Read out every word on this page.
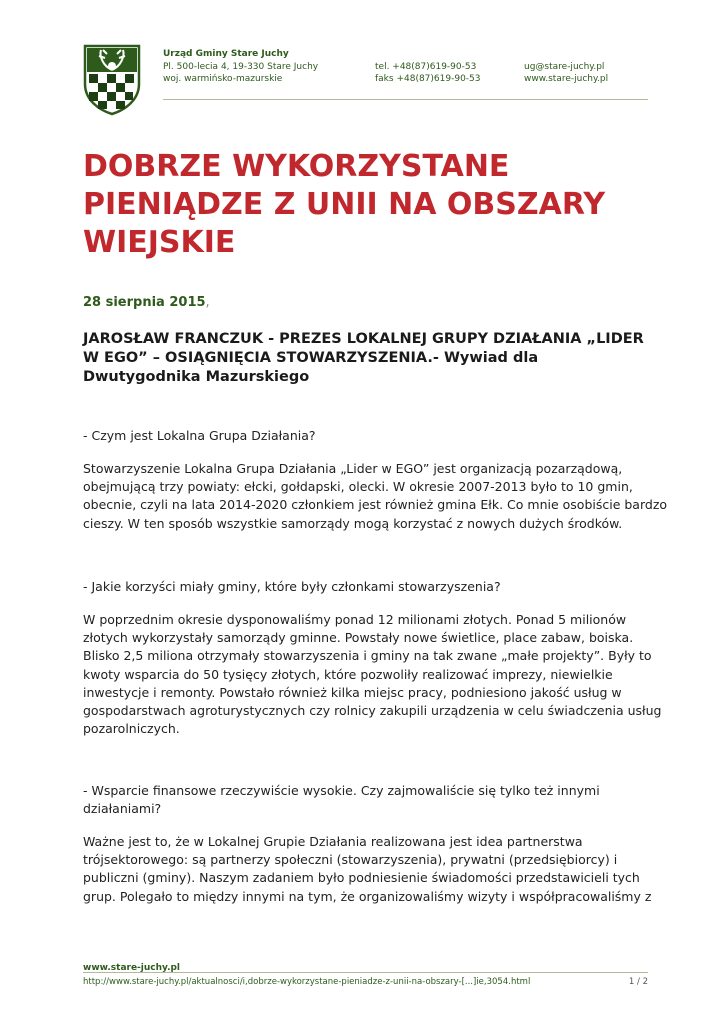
Urząd Gminy Stare Juchy
Pl. 500-lecia 4, 19-330 Stare Juchy
woj. warmińsko-mazurskie
tel. +48(87)619-90-53
faks +48(87)619-90-53
ug@stare-juchy.pl
www.stare-juchy.pl
DOBRZE WYKORZYSTANE
PIENIĄDZE Z UNII NA OBSZARY
WIEJSKIE
28 sierpnia 2015,
JAROSŁAW FRANCZUK - PREZES LOKALNEJ GRUPY DZIAŁANIA „LIDER
W EGO” – OSIĄGNIĘCIA STOWARZYSZENIA.- Wywiad dla
Dwutygodnika Mazurskiego
- Czym jest Lokalna Grupa Działania?
Stowarzyszenie Lokalna Grupa Działania „Lider w EGO” jest organizacją pozarządową,
obejmującą trzy powiaty: ełcki, gołdapski, olecki. W okresie 2007-2013 było to 10 gmin,
obecnie, czyli na lata 2014-2020 członkiem jest również gmina Ełk. Co mnie osobiście bardzo
cieszy. W ten sposób wszystkie samorządy mogą korzystać z nowych dużych środków.
- Jakie korzyści miały gminy, które były członkami stowarzyszenia?
W poprzednim okresie dysponowaliśmy ponad 12 milionami złotych. Ponad 5 milionów
złotych wykorzystały samorządy gminne. Powstały nowe świetlice, place zabaw, boiska.
Blisko 2,5 miliona otrzymały stowarzyszenia i gminy na tak zwane „małe projekty”. Były to
kwoty wsparcia do 50 tysięcy złotych, które pozwoliły realizować imprezy, niewielkie
inwestycje i remonty. Powstało również kilka miejsc pracy, podniesiono jakość usług w
gospodarstwach agroturystycznych czy rolnicy zakupili urządzenia w celu świadczenia usług
pozarolniczych.
- Wsparcie finansowe rzeczywiście wysokie. Czy zajmowaliście się tylko też innymi
działaniami?
Ważne jest to, że w Lokalnej Grupie Działania realizowana jest idea partnerstwa
trójsektorowego: są partnerzy społeczni (stowarzyszenia), prywatni (przedsiębiorcy) i
publiczni (gminy). Naszym zadaniem było podniesienie świadomości przedstawicieli tych
grup. Polegało to między innymi na tym, że organizowaliśmy wizyty i współpracowaliśmy z
www.stare-juchy.pl
http://www.stare-juchy.pl/aktualnosci/i,dobrze-wykorzystane-pieniadze-z-unii-na-obszary-[...]ie,3054.html	1 / 2
